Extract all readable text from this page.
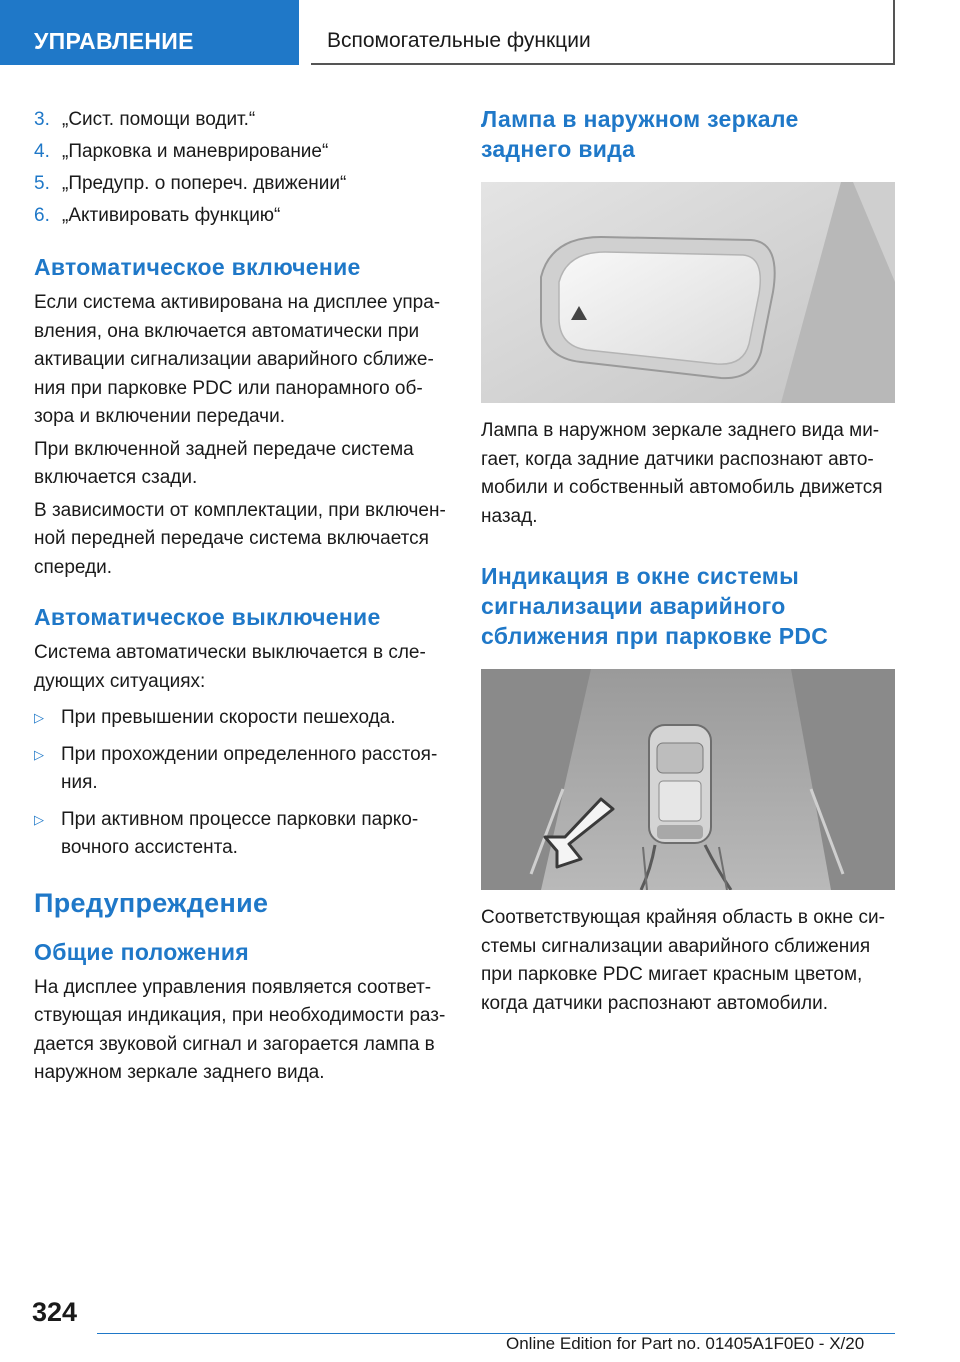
УПРАВЛЕНИЕ	Вспомогательные функции
3. „Сист. помощи водит.“
4. „Парковка и маневрирование“
5. „Предупр. о попереч. движении“
6. „Активировать функцию“
Автоматическое включение

Если система активирована на дисплее упра-вления, она включается автоматически при активации сигнализации аварийного сближе-ния при парковке PDC или панорамного об-зора и включении передачи.

При включенной задней передаче система включается сзади.

В зависимости от комплектации, при включен-ной передней передаче система включается спереди.

Автоматическое выключение

Система автоматически выключается в сле-дующих ситуациях:

▷ При превышении скорости пешехода.
▷ При прохождении определенного расстоя-ния.
▷ При активном процессе парковки парко-вочного ассистента.
Предупреждение
Общие положения

На дисплее управления появляется соответ-ствующая индикация, при необходимости раз-дается звуковой сигнал и загорается лампа в наружном зеркале заднего вида.

Лампа в наружном зеркале заднего вида

Лампа в наружном зеркале заднего вида ми-гает, когда задние датчики распознают авто-мобили и собственный автомобиль движется назад.

Индикация в окне системы сигнализации аварийного сближения при парковке PDC

Соответствующая крайняя область в окне си-стемы сигнализации аварийного сближения при парковке PDC мигает красным цветом, когда датчики распознают автомобили.

324
Online Edition for Part no. 01405A1F0E0 - X/20
